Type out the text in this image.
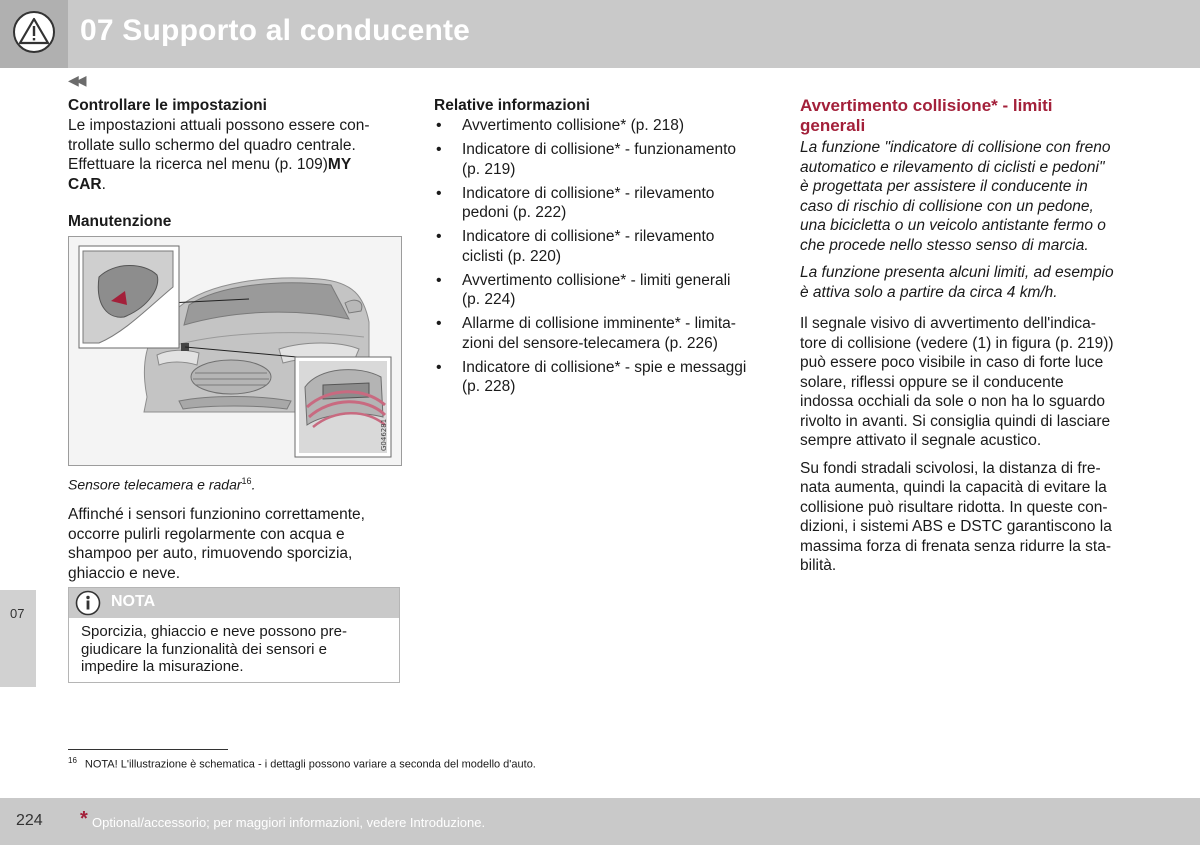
07 Supporto al conducente
◀◀
07
Controllare le impostazioni

Le impostazioni attuali possono essere con-
trollate sullo schermo del quadro centrale.
Effettuare la ricerca nel menu (p. 109)MY
CAR.

Manutenzione
G046281

Sensore telecamera e radar$^{16}$.

Affinché i sensori funzionino correttamente,
occorre pulirli regolarmente con acqua e
shampoo per auto, rimuovendo sporcizia,
ghiaccio e neve.

NOTA
Sporcizia, ghiaccio e neve possono pre-
giudicare la funzionalità dei sensori e
impedire la misurazione.
Relative informazioni
• Avvertimento collisione* (p. 218)
• Indicatore di collisione* - funzionamento
(p. 219)
• Indicatore di collisione* - rilevamento
pedoni (p. 222)
• Indicatore di collisione* - rilevamento
ciclisti (p. 220)
• Avvertimento collisione* - limiti generali
(p. 224)
• Allarme di collisione imminente* - limita-
zioni del sensore-telecamera (p. 226)
• Indicatore di collisione* - spie e messaggi
(p. 228)
Avvertimento collisione* - limiti
generali

La funzione "indicatore di collisione con freno
automatico e rilevamento di ciclisti e pedoni"
è progettata per assistere il conducente in
caso di rischio di collisione con un pedone,
una bicicletta o un veicolo antistante fermo o
che procede nello stesso senso di marcia.

La funzione presenta alcuni limiti, ad esempio
è attiva solo a partire da circa 4 km/h.

Il segnale visivo di avvertimento dell'indica-
tore di collisione (vedere (1) in figura (p. 219))
può essere poco visibile in caso di forte luce
solare, riflessi oppure se il conducente
indossa occhiali da sole o non ha lo sguardo
rivolto in avanti. Si consiglia quindi di lasciare
sempre attivato il segnale acustico.

Su fondi stradali scivolosi, la distanza di fre-
nata aumenta, quindi la capacità di evitare la
collisione può risultare ridotta. In queste con-
dizioni, i sistemi ABS e DSTC garantiscono la
massima forza di frenata senza ridurre la sta-
bilità.

$^{16}$ NOTA! L'illustrazione è schematica - i dettagli possono variare a seconda del modello d'auto.
224 * Optional/accessorio; per maggiori informazioni, vedere Introduzione.
